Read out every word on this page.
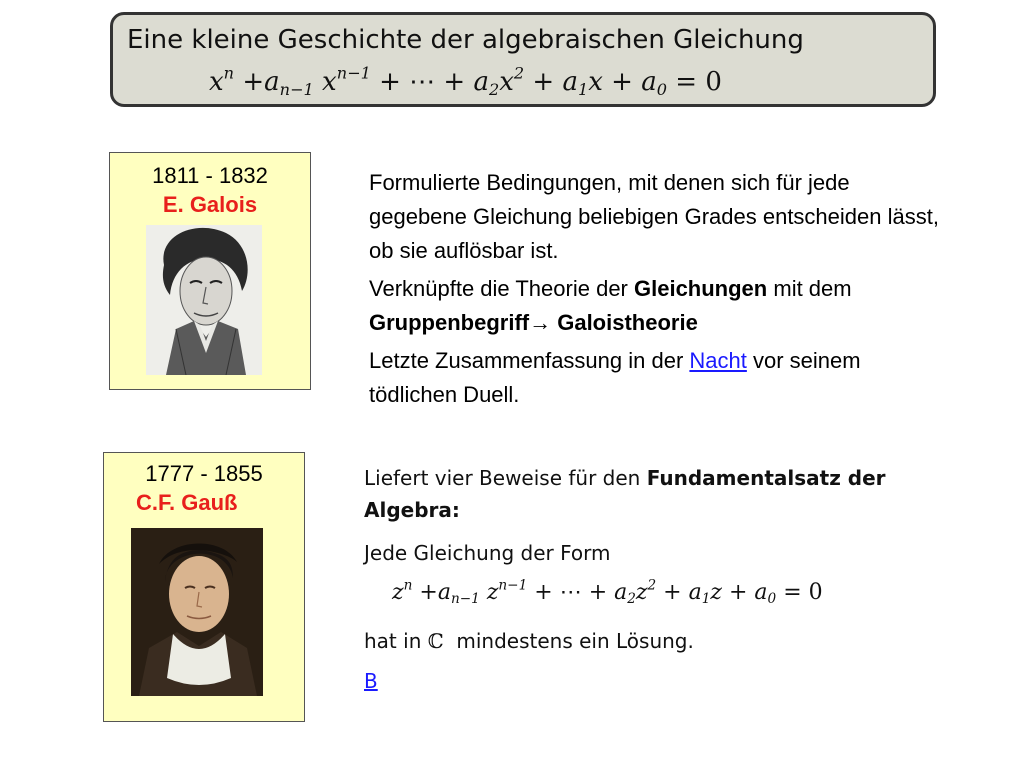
Eine kleine Geschichte der algebraischen Gleichung
$x^n +a_{n-1}$ $x^{n-1}$ + ⋯ + $a_2x^2 + a_1x + a_0 = 0$
1811 - 1832
E. Galois

Formulierte Bedingungen, mit denen sich für jede gegebene Gleichung beliebigen Grades entscheiden lässt, ob sie auflösbar ist.

Verknüpfte die Theorie der Gleichungen mit dem Gruppenbegriff→ Galoistheorie

Letzte Zusammenfassung in der Nacht vor seinem tödlichen Duell.

1777 - 1855
C.F. Gauß

Liefert vier Beweise für den Fundamentalsatz der Algebra:

Jede Gleichung der Form

$z^n +a_{n-1}$ $z^{n-1}$ + ⋯ + $a_2z^2 + a_1z + a_0 = 0$

hat in ℂ  mindestens ein Lösung.

B
